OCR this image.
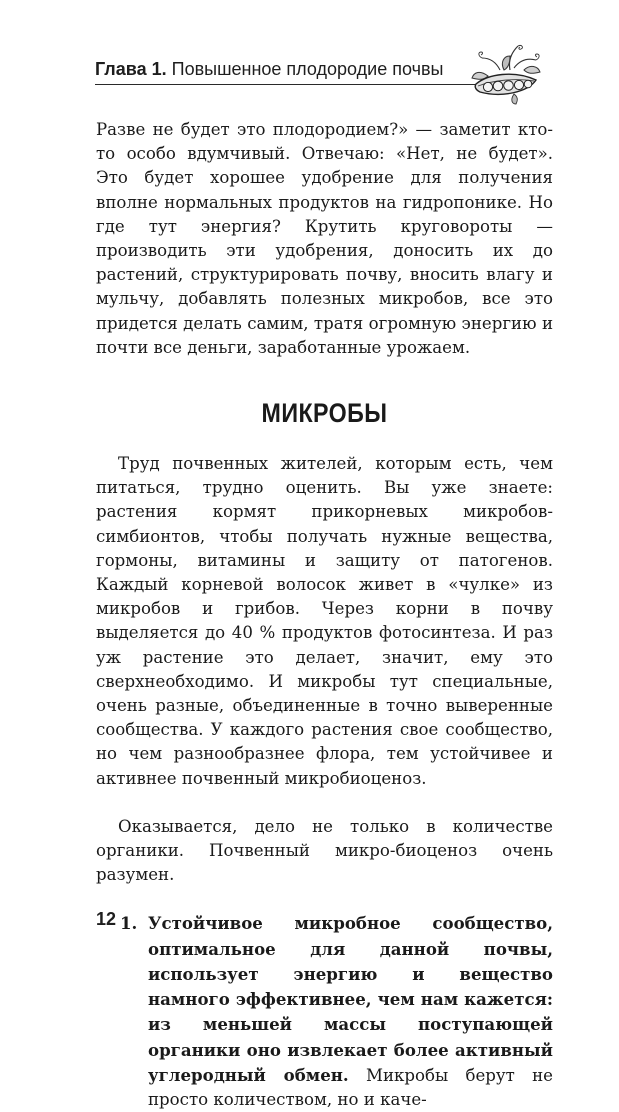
Глава 1. Повышенное плодородие почвы

Разве не будет это плодородием?» — заметит кто-то особо вдумчивый. Отвечаю: «Нет, не будет». Это будет хорошее удобрение для получения вполне нормальных продуктов на гидропонике. Но где тут энергия? Крутить круговороты — производить эти удобрения, доносить их до растений, структурировать почву, вносить влагу и мульчу, добавлять полезных микробов, все это придется делать самим, тратя огромную энергию и почти все деньги, заработанные урожаем.

МИКРОБЫ

Труд почвенных жителей, которым есть, чем питаться, трудно оценить. Вы уже знаете: растения кормят прикорневых микробов-симбионтов, чтобы получать нужные вещества, гормоны, витамины и защиту от патогенов. Каждый корневой волосок живет в «чулке» из микробов и грибов. Через корни в почву выделяется до 40 % продуктов фотосинтеза. И раз уж растение это делает, значит, ему это сверхнеобходимо. И микробы тут специальные, очень разные, объединенные в точно выверенные сообщества. У каждого растения свое сообщество, но чем разнообразнее флора, тем устойчивее и активнее почвенный микробиоценоз.

Оказывается, дело не только в количестве органики. Почвенный микро-биоценоз очень разумен.

1. Устойчивое микробное сообщество, оптимальное для данной почвы, использует энергию и вещество намного эффективнее, чем нам кажется: из меньшей массы поступающей органики оно извлекает более активный углеродный обмен. Микробы берут не просто количеством, но и каче-

12
